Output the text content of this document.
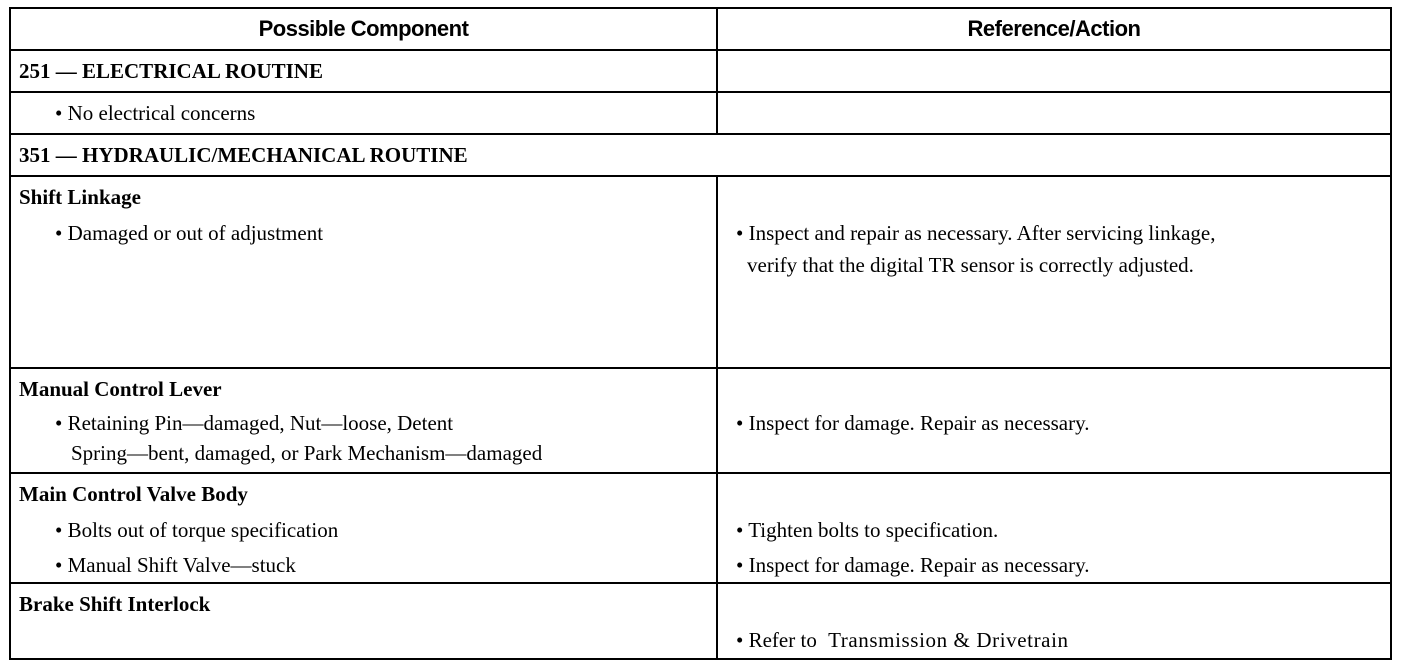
Possible Component	Reference/Action
251 — ELECTRICAL ROUTINE
• No electrical concerns
351 — HYDRAULIC/MECHANICAL ROUTINE
Shift Linkage
• Damaged or out of adjustment	• Inspect and repair as necessary. After servicing linkage,
verify that the digital TR sensor is correctly adjusted.
Manual Control Lever
• Retaining Pin—damaged, Nut—loose, Detent
Spring—bent, damaged, or Park Mechanism—damaged
• Inspect for damage. Repair as necessary.
Main Control Valve Body
• Bolts out of torque specification
• Manual Shift Valve—stuck
• Tighten bolts to specification.
• Inspect for damage. Repair as necessary.
Brake Shift Interlock
• Refer to Transmission & Drivetrain
